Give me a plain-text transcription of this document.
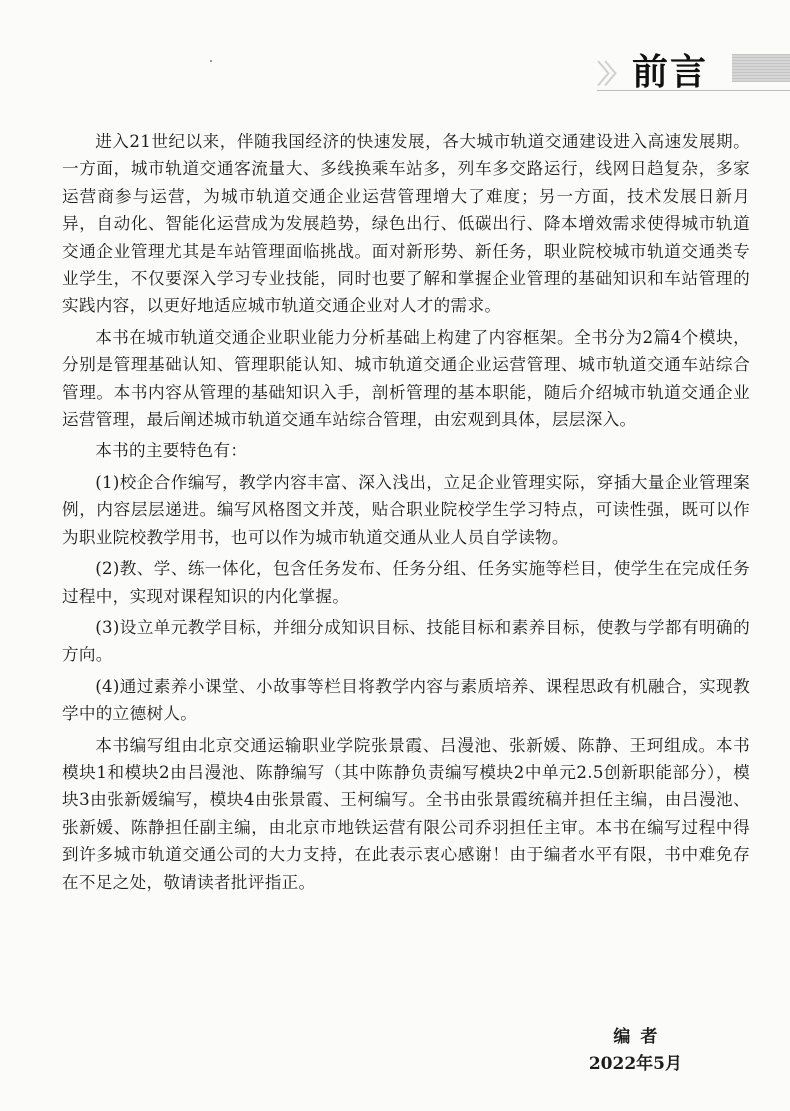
〉〉 前言

进入21世纪以来，伴随我国经济的快速发展，各大城市轨道交通建设进入高速发展期。一方面，城市轨道交通客流量大、多线换乘车站多，列车多交路运行，线网日趋复杂，多家运营商参与运营，为城市轨道交通企业运营管理增大了难度；另一方面，技术发展日新月异，自动化、智能化运营成为发展趋势，绿色出行、低碳出行、降本增效需求使得城市轨道交通企业管理尤其是车站管理面临挑战。面对新形势、新任务，职业院校城市轨道交通类专业学生，不仅要深入学习专业技能，同时也要了解和掌握企业管理的基础知识和车站管理的实践内容，以更好地适应城市轨道交通企业对人才的需求。

本书在城市轨道交通企业职业能力分析基础上构建了内容框架。全书分为2篇4个模块，分别是管理基础认知、管理职能认知、城市轨道交通企业运营管理、城市轨道交通车站综合管理。本书内容从管理的基础知识入手，剖析管理的基本职能，随后介绍城市轨道交通企业运营管理，最后阐述城市轨道交通车站综合管理，由宏观到具体，层层深入。

本书的主要特色有：

(1)校企合作编写，教学内容丰富、深入浅出，立足企业管理实际，穿插大量企业管理案例，内容层层递进。编写风格图文并茂，贴合职业院校学生学习特点，可读性强，既可以作为职业院校教学用书，也可以作为城市轨道交通从业人员自学读物。

(2)教、学、练一体化，包含任务发布、任务分组、任务实施等栏目，使学生在完成任务过程中，实现对课程知识的内化掌握。

(3)设立单元教学目标，并细分成知识目标、技能目标和素养目标，使教与学都有明确的方向。

(4)通过素养小课堂、小故事等栏目将教学内容与素质培养、课程思政有机融合，实现教学中的立德树人。

本书编写组由北京交通运输职业学院张景霞、吕漫池、张新媛、陈静、王珂组成。本书模块1和模块2由吕漫池、陈静编写（其中陈静负责编写模块2中单元2.5创新职能部分），模块3由张新媛编写，模块4由张景霞、王柯编写。全书由张景霞统稿并担任主编，由吕漫池、张新媛、陈静担任副主编，由北京市地铁运营有限公司乔羽担任主审。本书在编写过程中得到许多城市轨道交通公司的大力支持，在此表示衷心感谢！由于编者水平有限，书中难免存在不足之处，敬请读者批评指正。

编者
2022年5月
